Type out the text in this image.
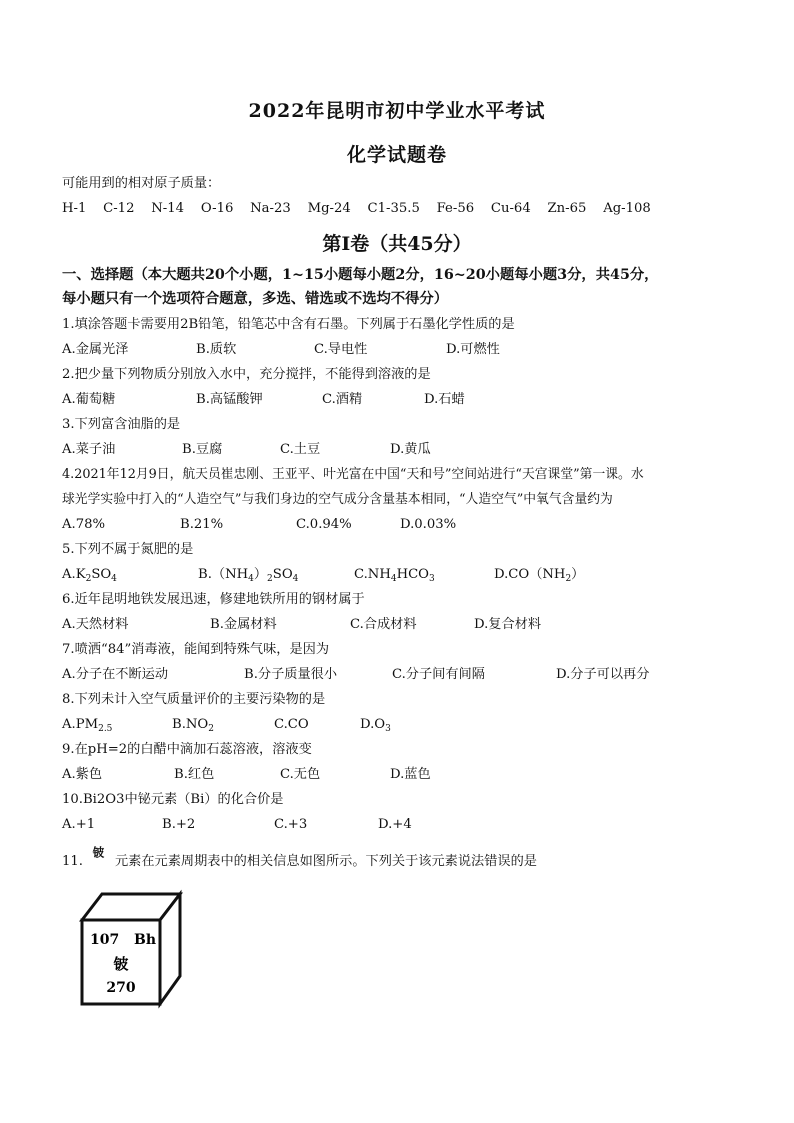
2022年昆明市初中学业水平考试
化学试题卷
可能用到的相对原子质量：
H-1 C-12 N-14 O-16 Na-23 Mg-24 C1-35.5 Fe-56 Cu-64 Zn-65 Ag-108
第Ⅰ卷（共45分）
一、选择题（本大题共20个小题，1~15小题每小题2分，16~20小题每小题3分，共45分，
每小题只有一个选项符合题意，多选、错选或不选均不得分）
1.填涂答题卡需要用2B铅笔，铅笔芯中含有石墨。下列属于石墨化学性质的是
A.金属光泽	B.质软	C.导电性	D.可燃性
2.把少量下列物质分别放入水中，充分搅拌，不能得到溶液的是
A.葡萄糖	B.高锰酸钾	C.酒精	D.石蜡
3.下列富含油脂的是
A.菜子油	B.豆腐	C.土豆	D.黄瓜
4.2021年12月9日，航天员崔忠刚、王亚平、叶光富在中国“天和号”空间站进行“天宫课堂”第一课。水
球光学实验中打入的“人造空气”与我们身边的空气成分含量基本相同，“人造空气”中氧气含量约为
A.78%	B.21%	C.0.94%	D.0.03%
5.下列不属于氮肥的是
$A.K_2SO_4$	$B.(NH_4)_2SO_4$	$C.NH_4HCO_3$	$D.CO(NH_2)$
6.近年昆明地铁发展迅速，修建地铁所用的钢材属于
A.天然材料	B.金属材料	C.合成材料	D.复合材料
7.喷洒“84”消毒液，能闻到特殊气味，是因为
A.分子在不断运动	B.分子质量很小	C.分子间有间隔	D.分子可以再分
8.下列未计入空气质量评价的主要污染物的是
$A.PM_{2.5}$	$B.NO_2$	C.CO	$D.O_3$
9.在pH=2的白醋中滴加石蕊溶液，溶液变
A.紫色	B.红色	C.无色	D.蓝色
10.Bi2O3中铋元素（Bi）的化合价是
A.+1	B.+2	C.+3	D.+4
11.
铍
元素在元素周期表中的相关信息如图所示。下列关于该元素说法错误的是
107 Bh
铍
270
